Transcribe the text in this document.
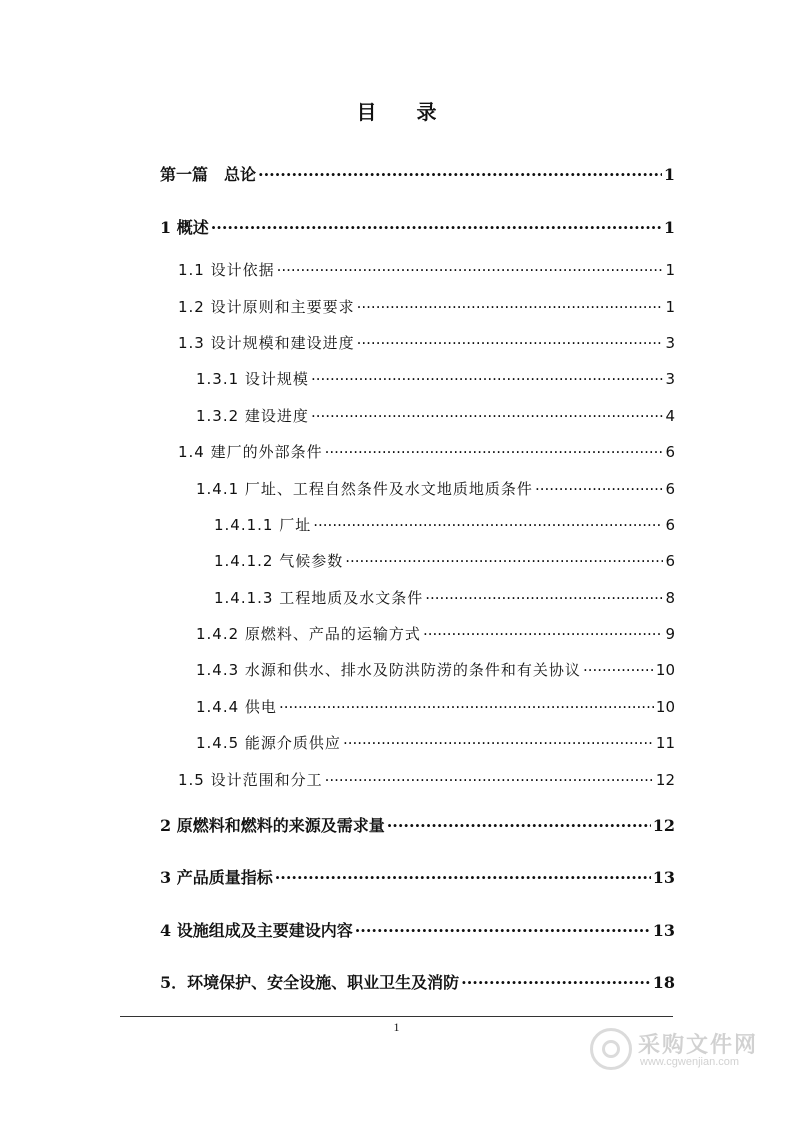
目 录
第一篇　总论 .....	1
1 概述 .....	1
1.1 设计依据 .....	1
1.2 设计原则和主要要求 .....	1
1.3 设计规模和建设进度 .....	3
1.3.1 设计规模 .....	3
1.3.2 建设进度 .....	4
1.4 建厂的外部条件 .....	6
1.4.1 厂址、工程自然条件及水文地质地质条件 .....	6
1.4.1.1 厂址 .....	6
1.4.1.2 气候参数 .....	6
1.4.1.3 工程地质及水文条件 .....	8
1.4.2 原燃料、产品的运输方式 .....	9
1.4.3 水源和供水、排水及防洪防涝的条件和有关协议 .....	10
1.4.4 供电 .....	10
1.4.5 能源介质供应 .....	11
1.5 设计范围和分工 .....	12
2 原燃料和燃料的来源及需求量 .....	12
3 产品质量指标 .....	13
4 设施组成及主要建设内容 .....	13
5．环境保护、安全设施、职业卫生及消防 .....	18
1
采购文件网
www.cgwenjian.com
